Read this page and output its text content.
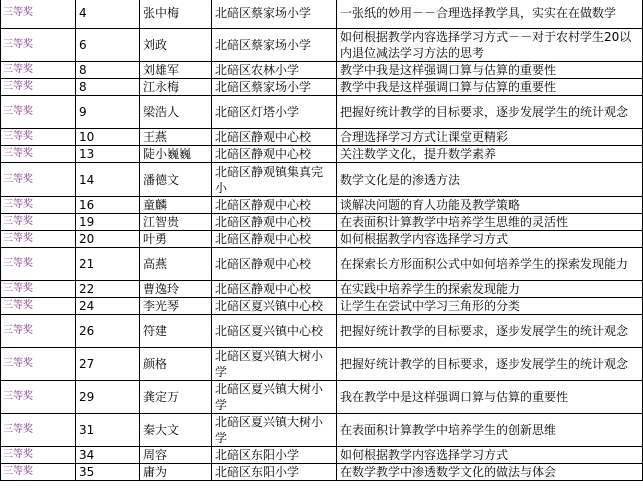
三等奖	4	张中梅	北碚区蔡家场小学	一张纸的妙用－－合理选择教学具，实实在在做数学
三等奖	6	刘政	北碚区蔡家场小学	如何根据教学内容选择学习方式－－对于农村学生20以内退位减法学习方法的思考
三等奖	8	刘雄军	北碚区农林小学	教学中我是这样强调口算与估算的重要性
三等奖	8	江永梅	北碚区蔡家场小学	教学中我是这样强调口算与估算的重要性
三等奖	9	梁浩人	北碚区灯塔小学	把握好统计教学的目标要求，逐步发展学生的统计观念
三等奖	10	王燕	北碚区静观中心校	合理选择学习方式让课堂更精彩
三等奖	13	陡小巍巍	北碚区静观中心校	关注数学文化，提升数学素养
三等奖	14	潘德文	北碚区静观镇集真完小	数学文化是的渗透方法
三等奖	16	童麟	北碚区静观中心校	谈解决问题的育人功能及教学策略
三等奖	19	江智贵	北碚区静观中心校	在表面积计算教学中培养学生思维的灵活性
三等奖	20	叶勇	北碚区静观中心校	如何根据教学内容选择学习方式
三等奖	21	高燕	北碚区静观中心校	在探索长方形面积公式中如何培养学生的探索发现能力
三等奖	22	曹逸玲	北碚区静观中心校	在实践中培养学生的探索发现能力
三等奖	24	李光琴	北碚区夏兴镇中心校	让学生在尝试中学习三角形的分类
三等奖	26	符建	北碚区夏兴镇中心校	把握好统计教学的目标要求，逐步发展学生的统计观念
三等奖	27	颜格	北碚区夏兴镇大树小学	把握好统计教学的目标要求，逐步发展学生的统计观念
三等奖	29	龚定万	北碚区夏兴镇大树小学	我在教学中是这样强调口算与估算的重要性
三等奖	31	秦大文	北碚区夏兴镇大树小学	在表面积计算教学中培养学生的创新思维
三等奖	34	周容	北碚区东阳小学	如何根据教学内容选择学习方式
三等奖	35	庸为	北碚区东阳小学	在数学教学中渗透数学文化的做法与体会
